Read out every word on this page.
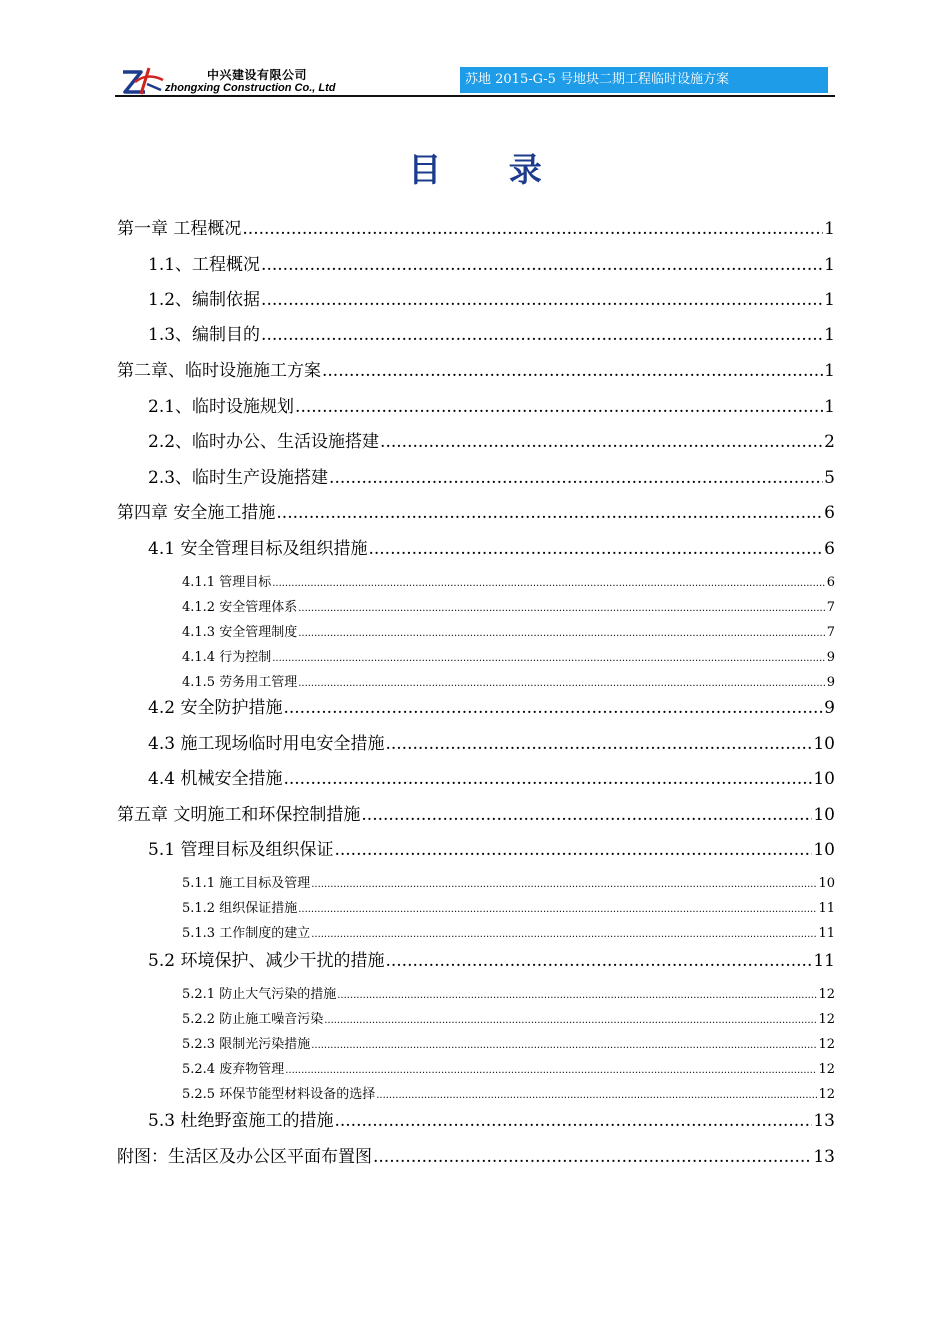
中兴建设有限公司
zhongxing Construction Co., Ltd
苏地 2015-G-5 号地块二期工程临时设施方案
目 录
第一章 工程概况 .....	1
1.1、工程概况 .....	1
1.2、编制依据 .....	1
1.3、编制目的 .....	1
第二章、临时设施施工方案 .....	1
2.1、临时设施规划 .....	1
2.2、临时办公、生活设施搭建 .....	2
2.3、临时生产设施搭建 .....	5
第四章 安全施工措施 .....	6
4.1 安全管理目标及组织措施 .....	6
4.1.1 管理目标 .....	6
4.1.2 安全管理体系 .....	7
4.1.3 安全管理制度 .....	7
4.1.4 行为控制 .....	9
4.1.5 劳务用工管理 .....	9
4.2 安全防护措施 .....	9
4.3 施工现场临时用电安全措施 .....	10
4.4 机械安全措施 .....	10
第五章 文明施工和环保控制措施 .....	10
5.1 管理目标及组织保证 .....	10
5.1.1 施工目标及管理 .....	10
5.1.2 组织保证措施 .....	11
5.1.3 工作制度的建立 .....	11
5.2 环境保护、减少干扰的措施 .....	11
5.2.1 防止大气污染的措施 .....	12
5.2.2 防止施工噪音污染 .....	12
5.2.3 限制光污染措施 .....	12
5.2.4 废弃物管理 .....	12
5.2.5 环保节能型材料设备的选择 .....	12
5.3 杜绝野蛮施工的措施 .....	13
附图：生活区及办公区平面布置图 .....	13
